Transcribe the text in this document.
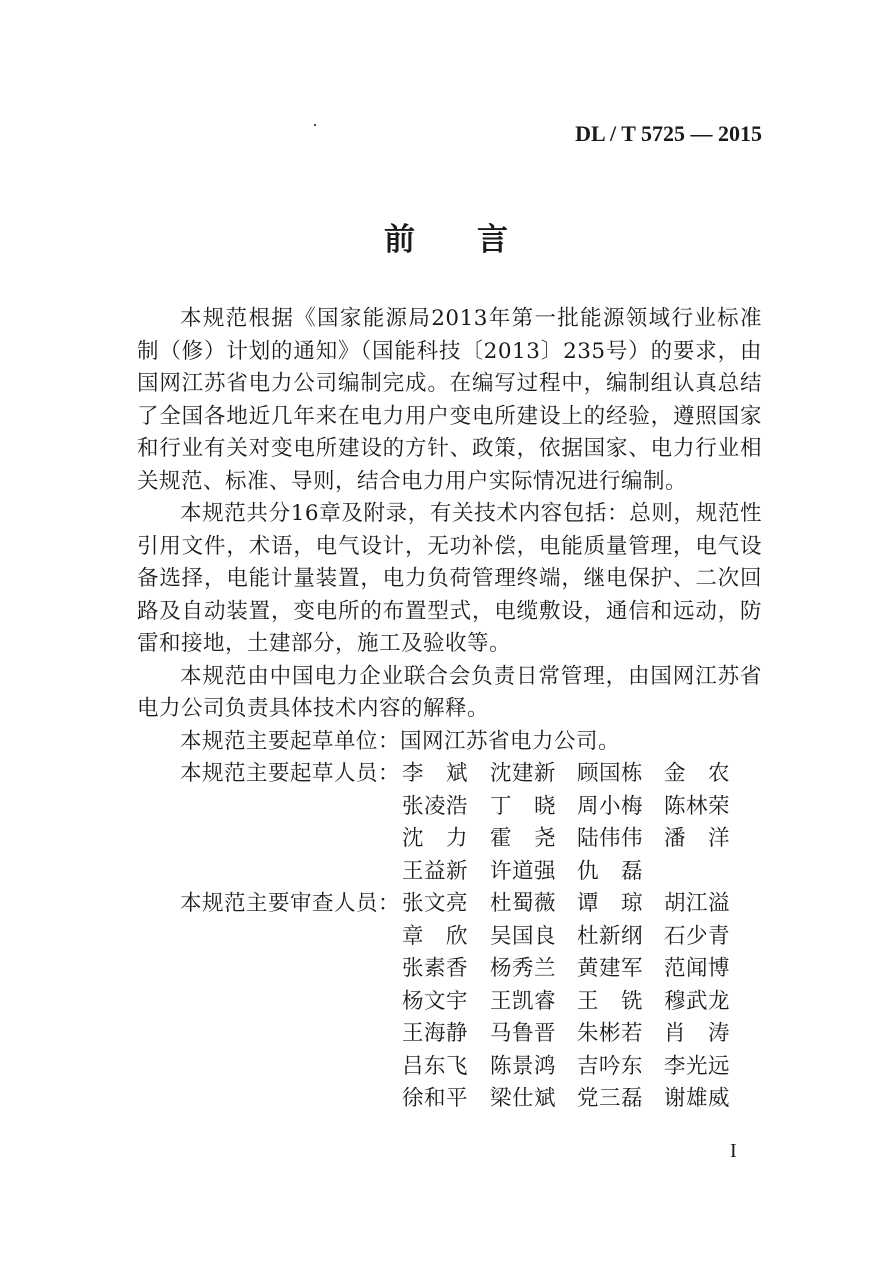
DL / T 5725 — 2015
前 言

本规范根据《国家能源局2013年第一批能源领域行业标准制（修）计划的通知》（国能科技〔2013〕235号）的要求，由国网江苏省电力公司编制完成。在编写过程中，编制组认真总结了全国各地近几年来在电力用户变电所建设上的经验，遵照国家和行业有关对变电所建设的方针、政策，依据国家、电力行业相关规范、标准、导则，结合电力用户实际情况进行编制。

本规范共分16章及附录，有关技术内容包括：总则，规范性引用文件，术语，电气设计，无功补偿，电能质量管理，电气设备选择，电能计量装置，电力负荷管理终端，继电保护、二次回路及自动装置，变电所的布置型式，电缆敷设，通信和远动，防雷和接地，土建部分，施工及验收等。

本规范由中国电力企业联合会负责日常管理，由国网江苏省电力公司负责具体技术内容的解释。

本规范主要起草单位：国网江苏省电力公司。

本规范主要起草人员： 李　斌	沈建新 顾国栋 金　农
张凌浩	丁　晓 周小梅 陈林荣
沈　力	霍　尧 陆伟伟 潘　洋
王益新	许道强 仇　磊
本规范主要审查人员： 张文亮	杜蜀薇 谭　琼 胡江溢
章　欣	吴国良 杜新纲 石少青
张素香	杨秀兰 黄建军 范闻博
杨文宇	王凯睿 王　铣 穆武龙
王海静	马鲁晋 朱彬若 肖　涛
吕东飞	陈景鸿 吉吟东 李光远
徐和平	梁仕斌 党三磊 谢雄威
I
